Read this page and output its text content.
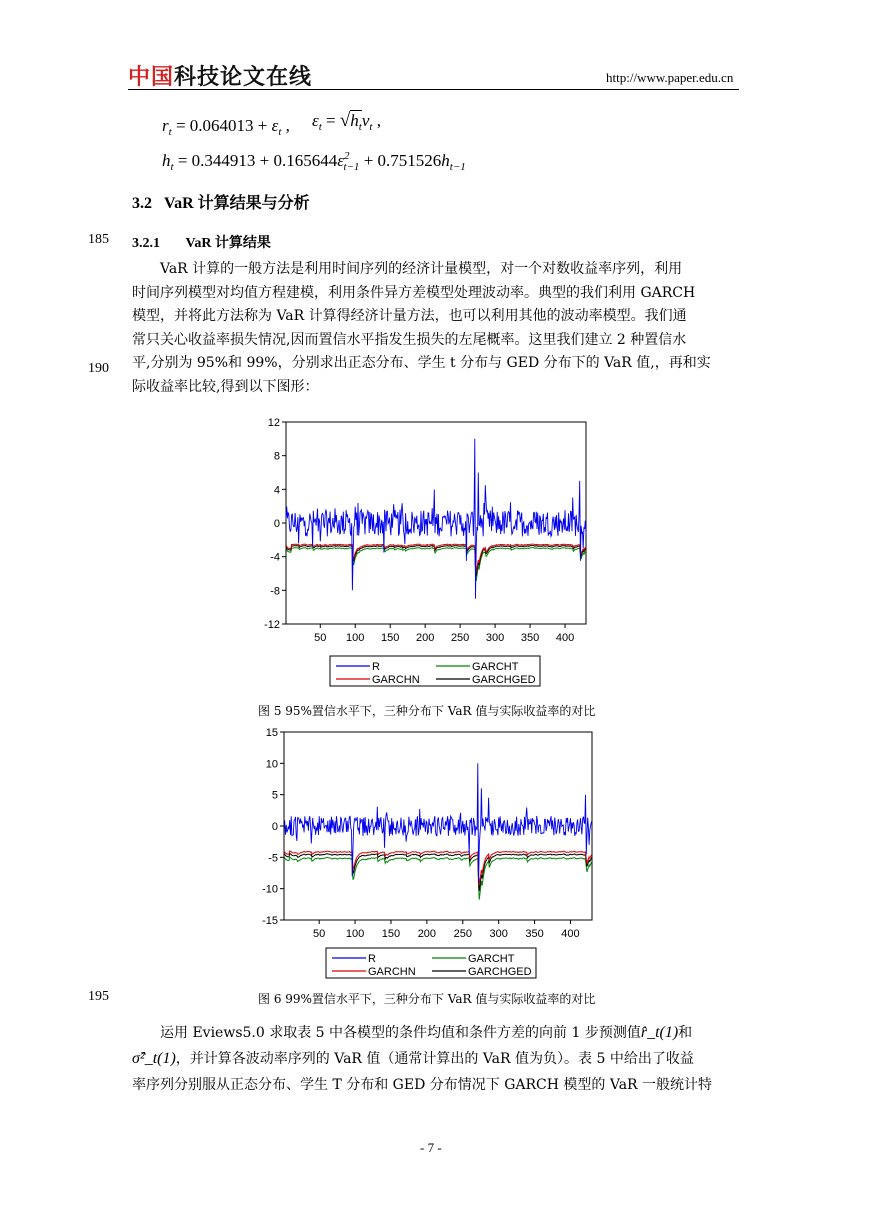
中国科技论文在线	http://www.paper.edu.cn
$r_t = 0.064013 + \varepsilon_t$ , $\varepsilon_t = √h_tv_t$ ,
$h_t = 0.344913 + 0.165644\varepsilon^2_{t-1} + 0.751526h_{t-1}$
3.2 VaR 计算结果与分析
185
190
195
3.2.1 VaR 计算结果
VaR 计算的一般方法是利用时间序列的经济计量模型，对一个对数收益率序列，利用
时间序列模型对均值方程建模，利用条件异方差模型处理波动率。典型的我们利用 GARCH
模型，并将此方法称为 VaR 计算得经济计量方法，也可以利用其他的波动率模型。我们通
常只关心收益率损失情况,因而置信水平指发生损失的左尾概率。这里我们建立 2 种置信水
平,分别为 95%和 99%，分别求出正态分布、学生 t 分布与 GED 分布下的 VaR 值,，再和实
际收益率比较,得到以下图形：
12
8
4
0
-4
-8
-12
50 100 150 200 250 300 350 400
R	GARCHT
GARCHN	GARCHGED
图 5 95%置信水平下，三种分布下 VaR 值与实际收益率的对比
15
10
5
0
-5
-10
-15
50 100 150 200 250 300 350 400
R	GARCHT
GARCHN	GARCHGED
图 6 99%置信水平下，三种分布下 VaR 值与实际收益率的对比
运用 Eviews5.0 求取表 5 中各模型的条件均值和条件方差的向前 1 步预测值r̂_t(1)和
σ̂²_t(1)，并计算各波动率序列的 VaR 值（通常计算出的 VaR 值为负）。表 5 中给出了收益
率序列分别服从正态分布、学生 T 分布和 GED 分布情况下 GARCH 模型的 VaR 一般统计特
- 7 -
